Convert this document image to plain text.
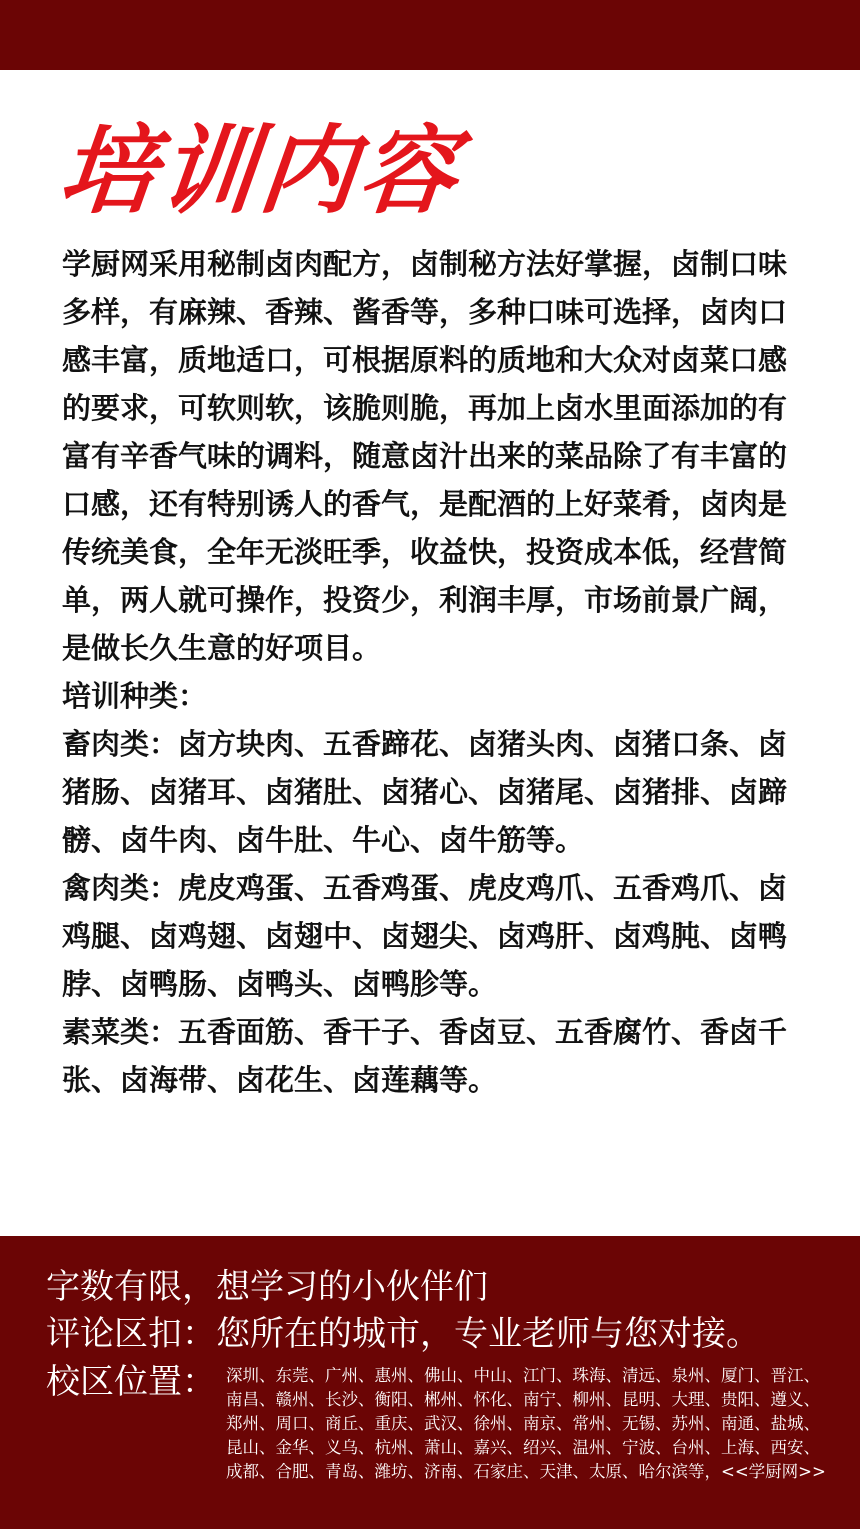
培训内容

学厨网采用秘制卤肉配方，卤制秘方法好掌握，卤制口味多样，有麻辣、香辣、酱香等，多种口味可选择，卤肉口感丰富，质地适口，可根据原料的质地和大众对卤菜口感的要求，可软则软，该脆则脆，再加上卤水里面添加的有富有辛香气味的调料，随意卤汁出来的菜品除了有丰富的口感，还有特别诱人的香气，是配酒的上好菜肴，卤肉是传统美食，全年无淡旺季，收益快，投资成本低，经营简单，两人就可操作，投资少，利润丰厚，市场前景广阔，是做长久生意的好项目。

培训种类：

畜肉类：卤方块肉、五香蹄花、卤猪头肉、卤猪口条、卤猪肠、卤猪耳、卤猪肚、卤猪心、卤猪尾、卤猪排、卤蹄髈、卤牛肉、卤牛肚、牛心、卤牛筋等。

禽肉类：虎皮鸡蛋、五香鸡蛋、虎皮鸡爪、五香鸡爪、卤鸡腿、卤鸡翅、卤翅中、卤翅尖、卤鸡肝、卤鸡肫、卤鸭脖、卤鸭肠、卤鸭头、卤鸭胗等。

素菜类：五香面筋、香干子、香卤豆、五香腐竹、香卤千张、卤海带、卤花生、卤莲藕等。

字数有限，想学习的小伙伴们
评论区扣：您所在的城市，专业老师与您对接。
校区位置： 深圳、东莞、广州、惠州、佛山、中山、江门、珠海、清远、泉州、厦门、晋江、南昌、赣州、长沙、衡阳、郴州、怀化、南宁、柳州、昆明、大理、贵阳、遵义、郑州、周口、商丘、重庆、武汉、徐州、南京、常州、无锡、苏州、南通、盐城、昆山、金华、义乌、杭州、萧山、嘉兴、绍兴、温州、宁波、台州、上海、西安、成都、合肥、青岛、潍坊、济南、石家庄、天津、太原、哈尔滨等，<<学厨网>>
